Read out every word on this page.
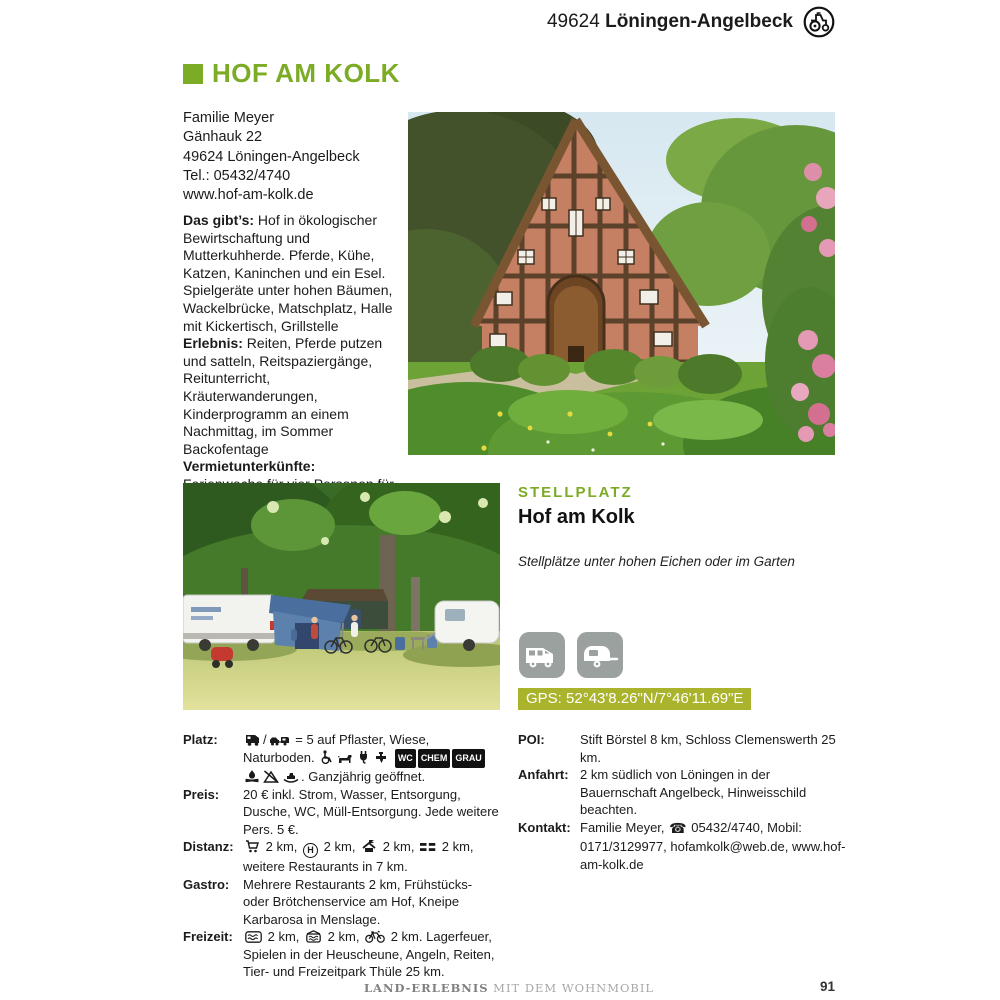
49624 Löningen-Angelbeck
HOF AM KOLK
Familie Meyer
Gänhauk 22
49624 Löningen-Angelbeck
Tel.: 05432/4740
www.hof-am-kolk.de

Das gibt’s: Hof in ökologischer Bewirtschaftung und Mutterkuhherde. Pferde, Kühe, Katzen, Kaninchen und ein Esel. Spielgeräte unter hohen Bäumen, Wackelbrücke, Matschplatz, Halle mit Kickertisch, Grillstelle

Erlebnis: Reiten, Pferde putzen und satteln, Reitspaziergänge, Reitunterricht, Kräuterwanderungen, Kinderprogramm an einem Nachmittag, im Sommer Backofentage

Vermietunterkünfte:

STELLPLATZ

Hof am Kolk

Stellplätze unter hohen Eichen oder im Garten

GPS: 52°43'8.26"N/7°46'11.69"E
Platz:	/ = 5 auf Pflaster, Wiese, Naturboden.	WC CHEM GRAU . Ganzjährig geöffnet.
Preis:	20 € inkl. Strom, Wasser, Entsorgung, Dusche, WC, Müll-Entsorgung. Jede weitere Pers. 5 €.
Distanz:	2 km, H 2 km, 2 km, 2 km, weitere Restaurants in 7 km.
Gastro:	Mehrere Restaurants 2 km, Frühstücks- oder Brötchenservice am Hof, Kneipe Karbarosa in Menslage.
Freizeit:	2 km, 2 km, 2 km. Lagerfeuer, Spielen in der Heuscheune, Angeln, Reiten, Tier- und Freizeitpark Thüle 25 km.
POI:	Stift Börstel 8 km, Schloss Clemenswerth 25 km.
Anfahrt: 2 km südlich von Löningen in der Bauernschaft Angelbeck, Hinweisschild beachten.
Kontakt: Familie Meyer, ☎ 05432/4740, Mobil: 0171/3129977, hofamkolk@web.de, www.hof-am-kolk.de
LAND-ERLEBNIS MIT DEM WOHNMOBIL	91
